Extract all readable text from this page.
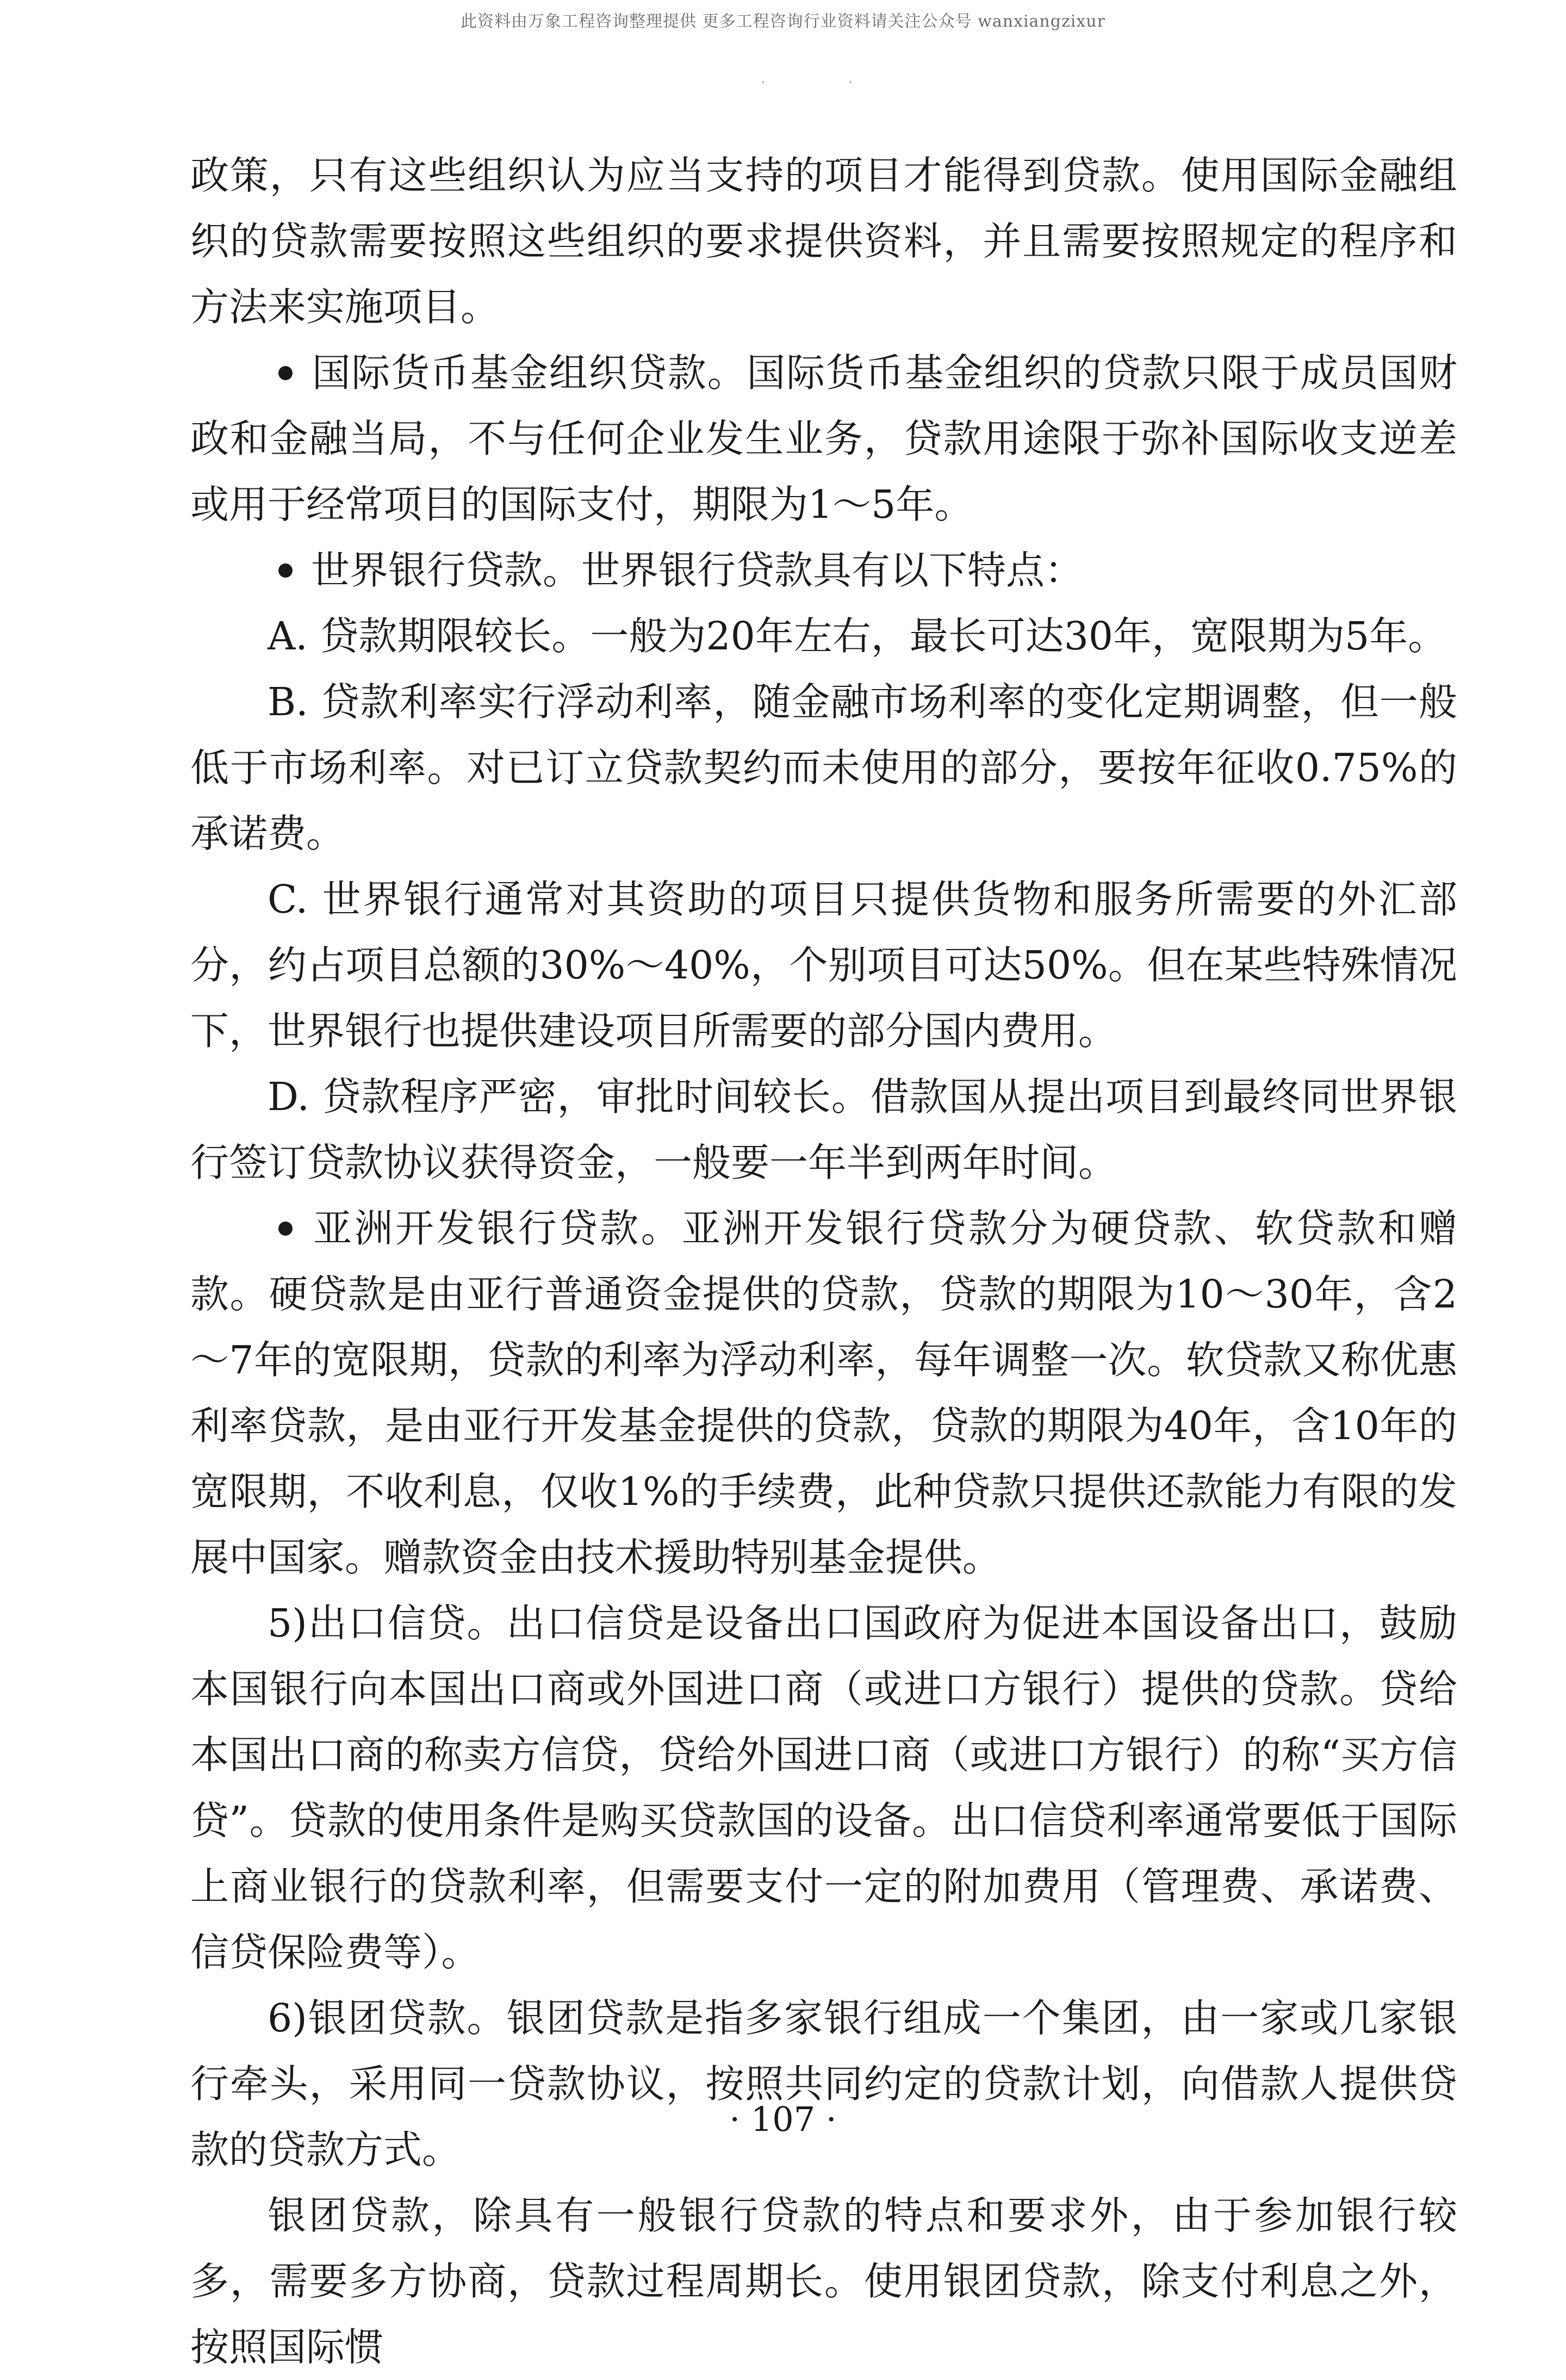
此资料由万象工程咨询整理提供 更多工程咨询行业资料请关注公众号 wanxiangzixur
·                      ·

政策，只有这些组织认为应当支持的项目才能得到贷款。使用国际金融组织的贷款需要按照这些组织的要求提供资料，并且需要按照规定的程序和方法来实施项目。

国际货币基金组织贷款。国际货币基金组织的贷款只限于成员国财政和金融当局，不与任何企业发生业务，贷款用途限于弥补国际收支逆差或用于经常项目的国际支付，期限为1～5年。

世界银行贷款。世界银行贷款具有以下特点：

A. 贷款期限较长。一般为20年左右，最长可达30年，宽限期为5年。

B. 贷款利率实行浮动利率，随金融市场利率的变化定期调整，但一般低于市场利率。对已订立贷款契约而未使用的部分，要按年征收0.75%的承诺费。

C. 世界银行通常对其资助的项目只提供货物和服务所需要的外汇部分，约占项目总额的30%～40%，个别项目可达50%。但在某些特殊情况下，世界银行也提供建设项目所需要的部分国内费用。

D. 贷款程序严密，审批时间较长。借款国从提出项目到最终同世界银行签订贷款协议获得资金，一般要一年半到两年时间。

亚洲开发银行贷款。亚洲开发银行贷款分为硬贷款、软贷款和赠款。硬贷款是由亚行普通资金提供的贷款，贷款的期限为10～30年，含2～7年的宽限期，贷款的利率为浮动利率，每年调整一次。软贷款又称优惠利率贷款，是由亚行开发基金提供的贷款，贷款的期限为40年，含10年的宽限期，不收利息，仅收1%的手续费，此种贷款只提供还款能力有限的发展中国家。赠款资金由技术援助特别基金提供。

5)出口信贷。出口信贷是设备出口国政府为促进本国设备出口，鼓励本国银行向本国出口商或外国进口商（或进口方银行）提供的贷款。贷给本国出口商的称卖方信贷，贷给外国进口商（或进口方银行）的称“买方信贷”。贷款的使用条件是购买贷款国的设备。出口信贷利率通常要低于国际上商业银行的贷款利率，但需要支付一定的附加费用（管理费、承诺费、信贷保险费等）。

6)银团贷款。银团贷款是指多家银行组成一个集团，由一家或几家银行牵头，采用同一贷款协议，按照共同约定的贷款计划，向借款人提供贷款的贷款方式。

银团贷款，除具有一般银行贷款的特点和要求外，由于参加银行较多，需要多方协商，贷款过程周期长。使用银团贷款，除支付利息之外，按照国际惯

· 107 ·
